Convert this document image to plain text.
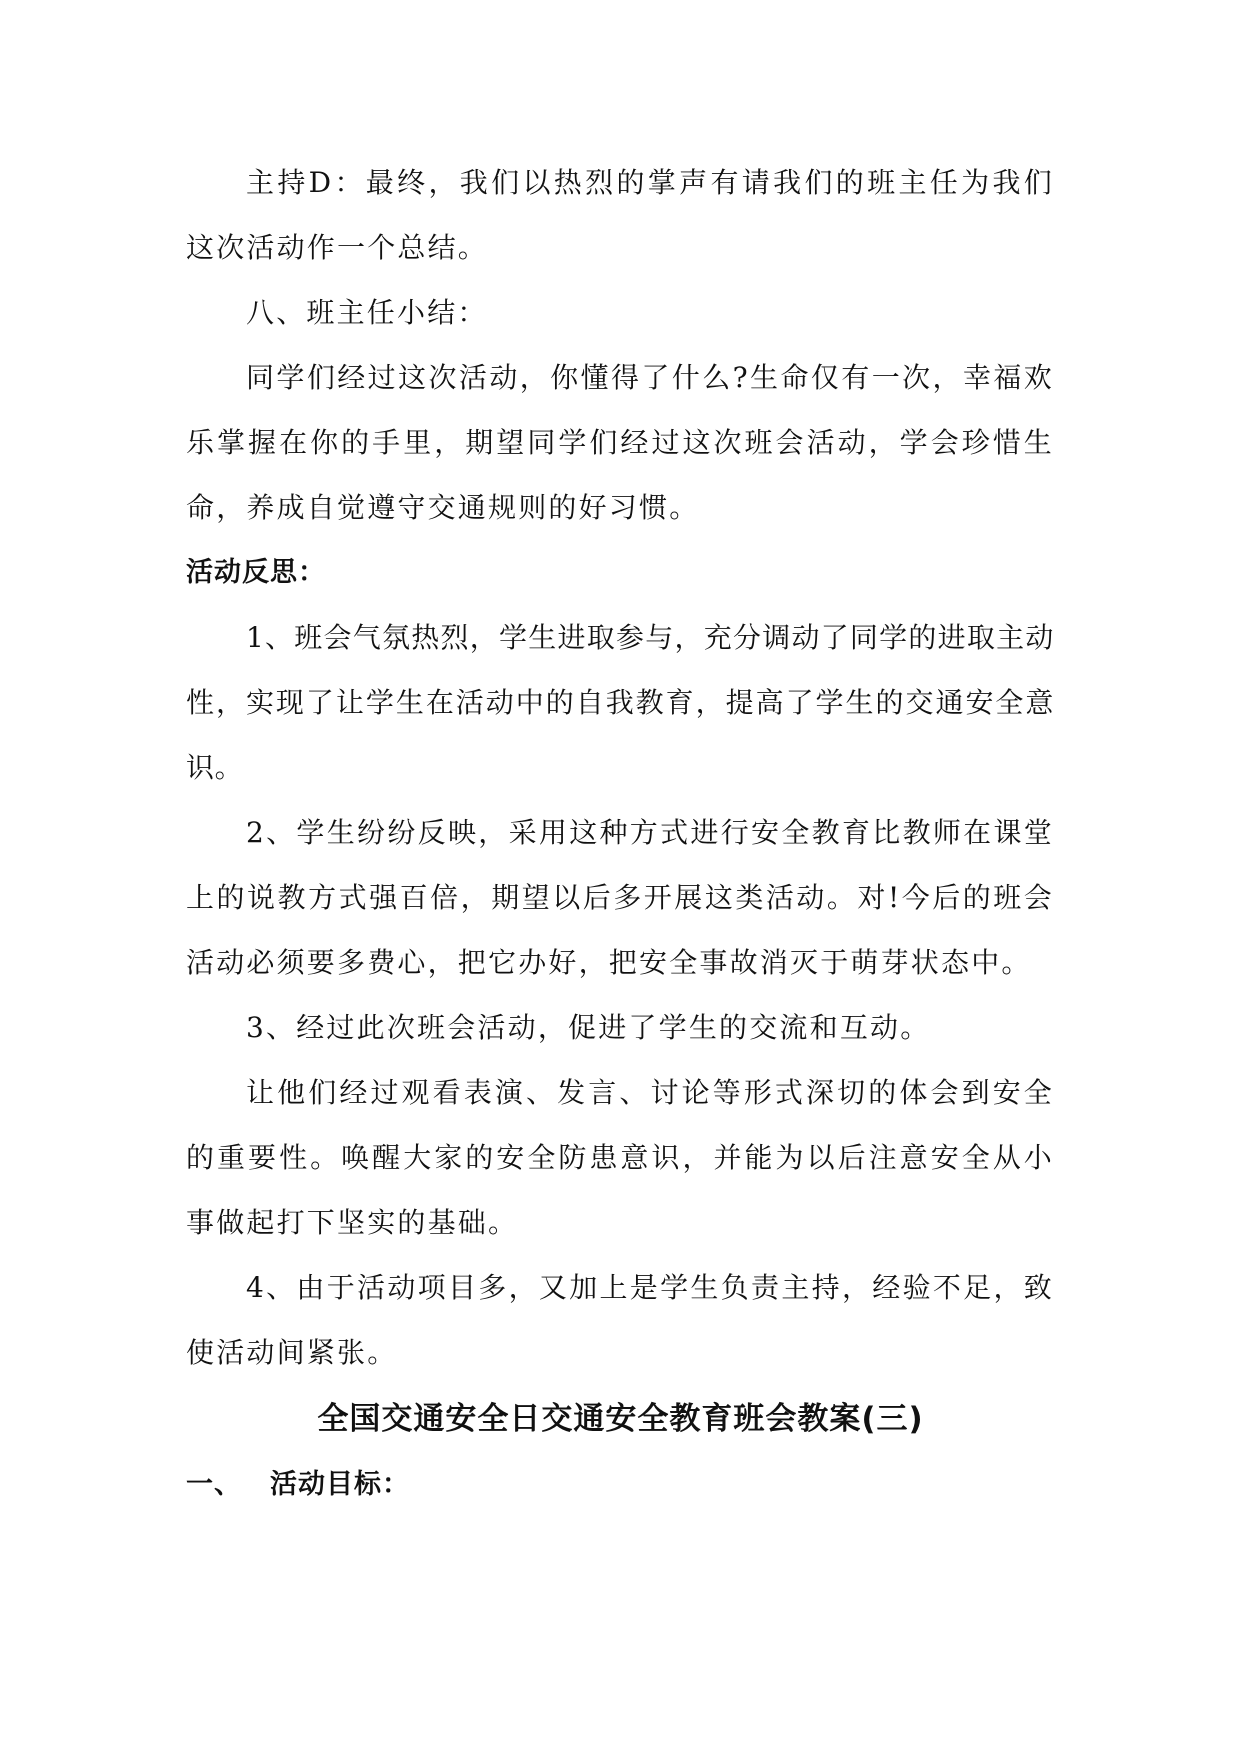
主持D：最终，我们以热烈的掌声有请我们的班主任为我们这次活动作一个总结。

八、班主任小结：

同学们经过这次活动，你懂得了什么?生命仅有一次，幸福欢乐掌握在你的手里，期望同学们经过这次班会活动，学会珍惜生命，养成自觉遵守交通规则的好习惯。

活动反思：

1、班会气氛热烈，学生进取参与，充分调动了同学的进取主动性，实现了让学生在活动中的自我教育，提高了学生的交通安全意识。

2、学生纷纷反映，采用这种方式进行安全教育比教师在课堂上的说教方式强百倍，期望以后多开展这类活动。对!今后的班会活动必须要多费心，把它办好，把安全事故消灭于萌芽状态中。

3、经过此次班会活动，促进了学生的交流和互动。

让他们经过观看表演、发言、讨论等形式深切的体会到安全的重要性。唤醒大家的安全防患意识，并能为以后注意安全从小事做起打下坚实的基础。

4、由于活动项目多，又加上是学生负责主持，经验不足，致使活动间紧张。

全国交通安全日交通安全教育班会教案(三)
一、 活动目标：
